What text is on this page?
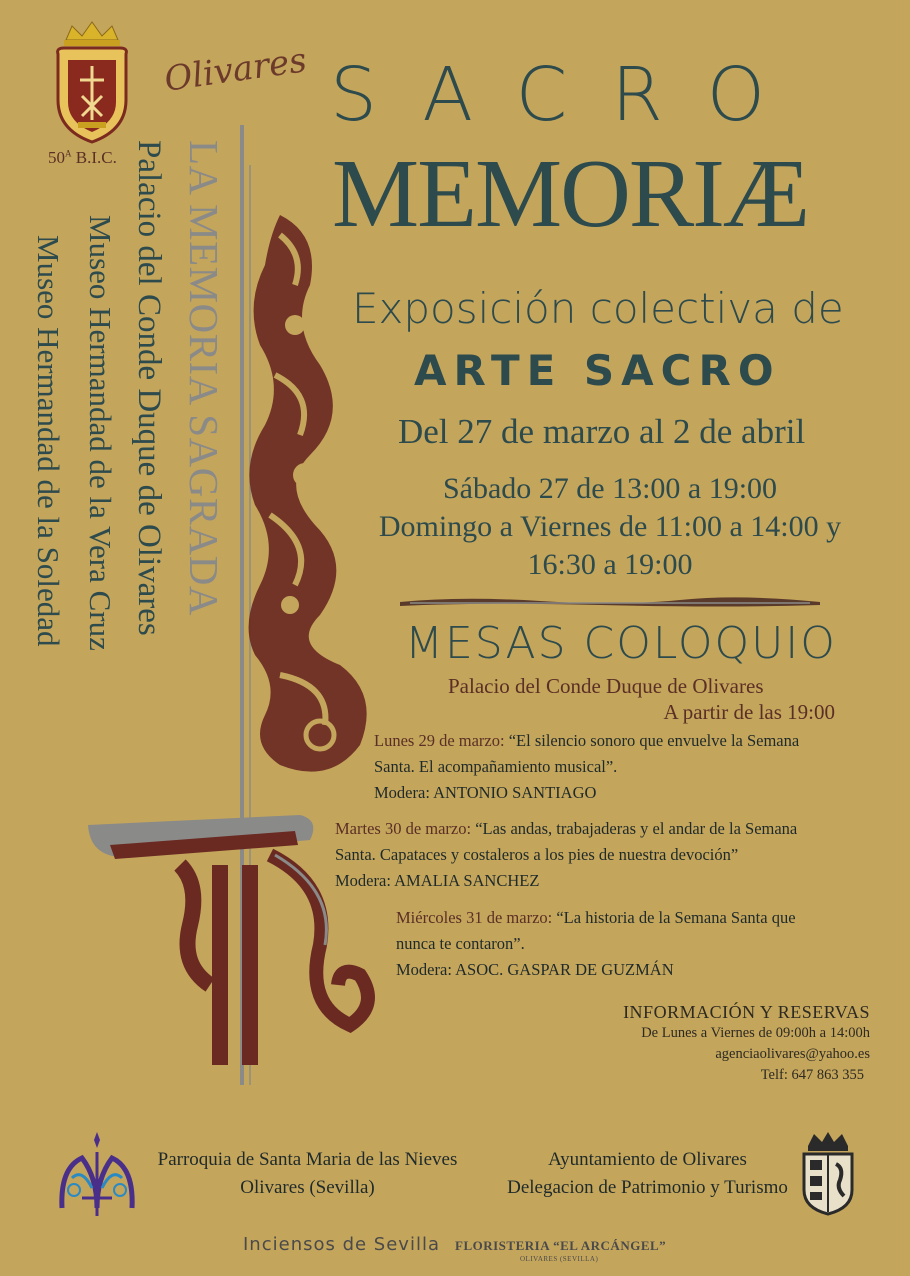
$50^A$ B.I.C.
Olivares
LA MEMORIA SAGRADA
Palacio del Conde Duque de Olivares
Museo Hermandad de la Vera Cruz
Museo Hermandad de la Soledad
SACRO
MEMORIÆ
Exposición colectiva de
ARTE SACRO
Del 27 de marzo al 2 de abril
Sábado 27 de 13:00 a 19:00
Domingo a Viernes de 11:00 a 14:00 y
16:30 a 19:00
MESAS COLOQUIO
Palacio del Conde Duque de Olivares
A partir de las 19:00
Lunes 29 de marzo: “El silencio sonoro que envuelve la Semana
Santa. El acompañamiento musical”.
Modera: ANTONIO SANTIAGO
Martes 30 de marzo: “Las andas, trabajaderas y el andar de la Semana
Santa. Capataces y costaleros a los pies de nuestra devoción”
Modera: AMALIA SANCHEZ
Miércoles 31 de marzo: “La historia de la Semana Santa que
nunca te contaron”.
Modera: ASOC. GASPAR DE GUZMÁN
INFORMACIÓN Y RESERVAS
De Lunes a Viernes de 09:00h a 14:00h
agenciaolivares@yahoo.es
Telf: 647 863 355
Parroquia de Santa Maria de las Nieves
Olivares (Sevilla)
Ayuntamiento de Olivares
Delegacion de Patrimonio y Turismo
Inciensos de Sevilla FLORISTERIA “EL ARCÁNGEL”
OLIVARES (SEVILLA)
